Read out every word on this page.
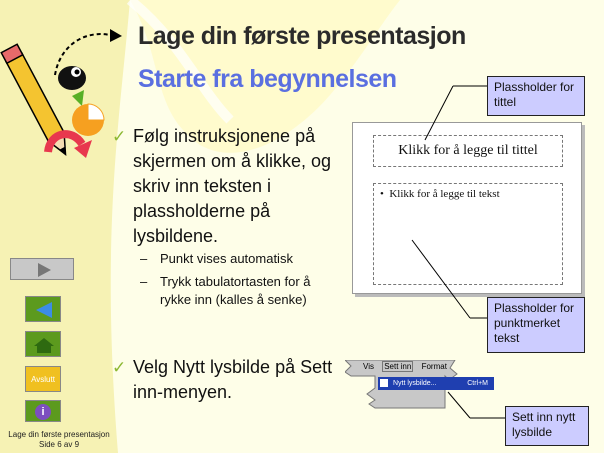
Lage din første presentasjon
Starte fra begynnelsen
✓ Følg instruksjonene på skjermen om å klikke, og skriv inn teksten i plassholderne på lysbildene.
– Punkt vises automatisk
– Trykk tabulatortasten for å rykke inn (kalles å senke)
✓ Velg Nytt lysbilde på Sett inn-menyen.
Klikk for å legge til tittel
•  Klikk for å legge til tekst
Plassholder for tittel
Plassholder for punktmerket tekst
Sett inn nytt lysbilde
Vis Sett inn Format
Nytt lysbilde...	Ctrl+M
Avslutt
i
Lage din første presentasjon
Side 6 av 9
